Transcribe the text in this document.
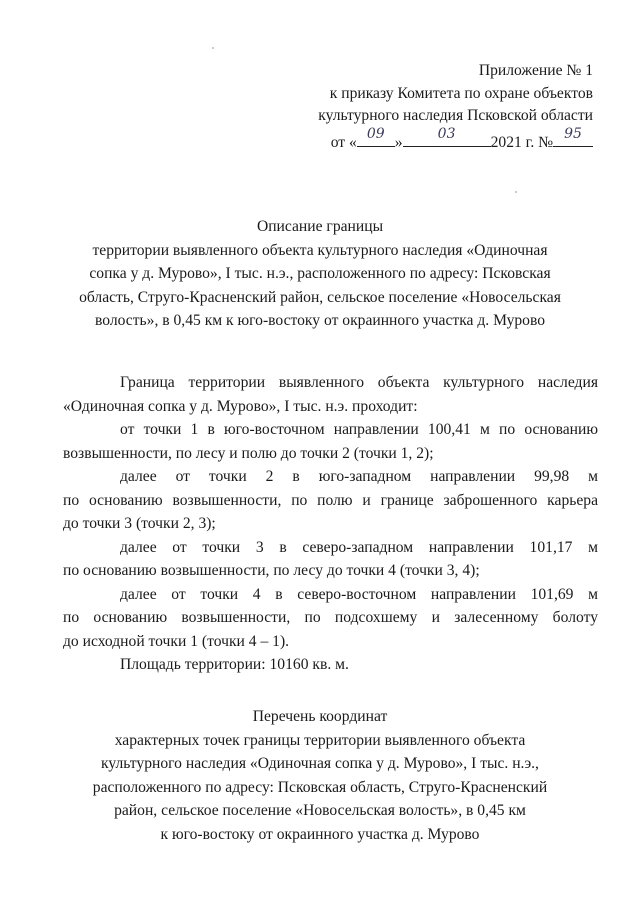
Приложение № 1
к приказу Комитета по охране объектов
культурного наследия Псковской области
от « 09 »	03	2021 г. № 95
Описание границы
территории выявленного объекта культурного наследия «Одиночная
сопка у д. Мурово», I тыс. н.э., расположенного по адресу: Псковская
область, Струго-Красненский район, сельское поселение «Новосельская
волость», в 0,45 км к юго-востоку от окраинного участка д. Мурово
Граница территории выявленного объекта культурного наследия
«Одиночная сопка у д. Мурово», I тыс. н.э. проходит:
от точки 1 в юго-восточном направлении 100,41 м по основанию
возвышенности, по лесу и полю до точки 2 (точки 1, 2);
далее от точки 2 в юго-западном направлении 99,98 м
по основанию возвышенности, по полю и границе заброшенного карьера
до точки 3 (точки 2, 3);
далее от точки 3 в северо-западном направлении 101,17 м
по основанию возвышенности, по лесу до точки 4 (точки 3, 4);
далее от точки 4 в северо-восточном направлении 101,69 м
по основанию возвышенности, по подсохшему и залесенному болоту
до исходной точки 1 (точки 4 – 1).
Площадь территории: 10160 кв. м.
Перечень координат
характерных точек границы территории выявленного объекта
культурного наследия «Одиночная сопка у д. Мурово», I тыс. н.э.,
расположенного по адресу: Псковская область, Струго-Красненский
район, сельское поселение «Новосельская волость», в 0,45 км
к юго-востоку от окраинного участка д. Мурово
